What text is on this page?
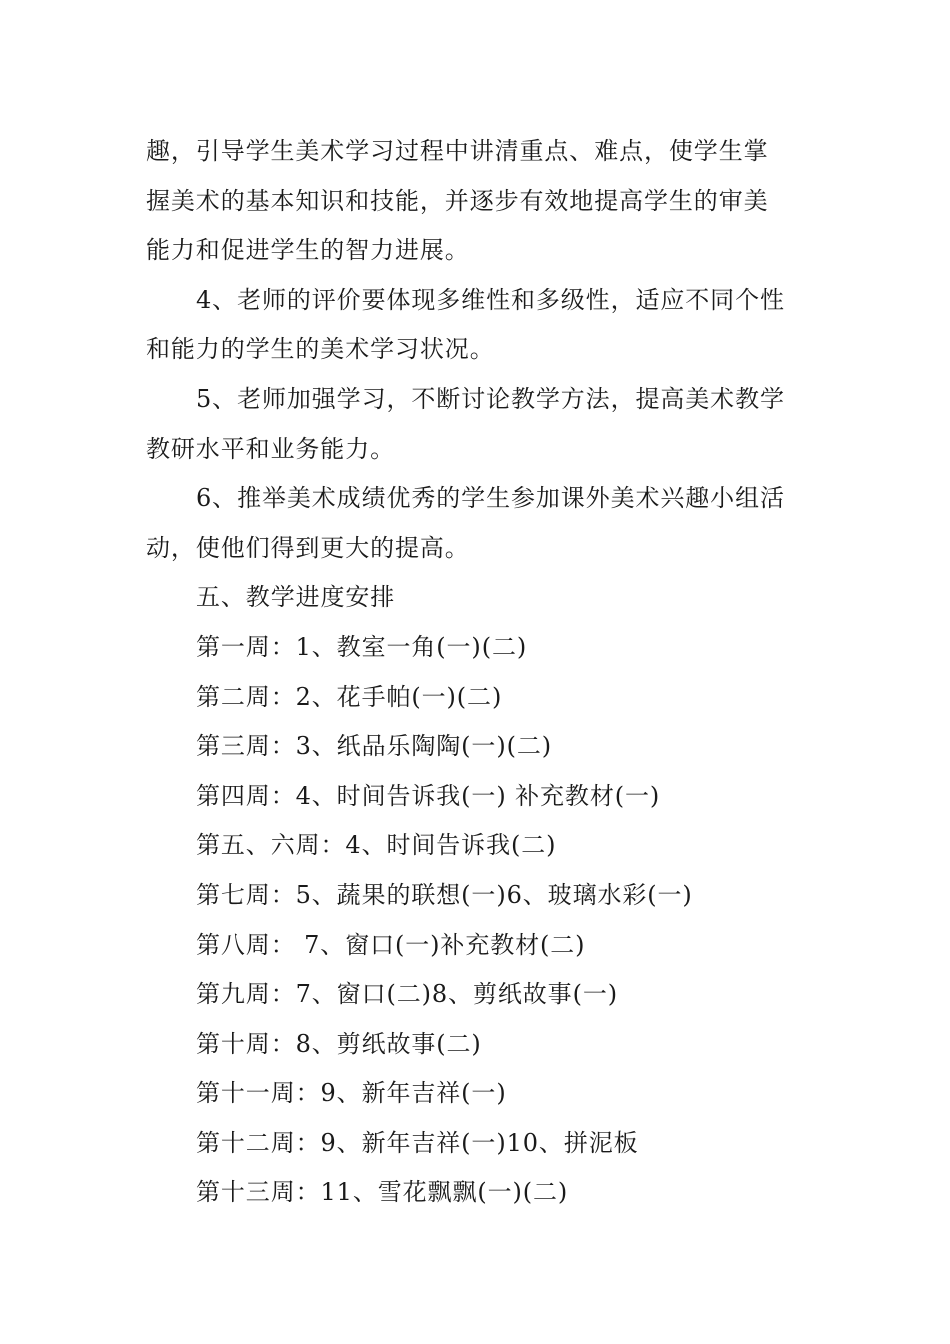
趣，引导学生美术学习过程中讲清重点、难点，使学生掌
握美术的基本知识和技能，并逐步有效地提高学生的审美
能力和促进学生的智力进展。
4、老师的评价要体现多维性和多级性，适应不同个性
和能力的学生的美术学习状况。
5、老师加强学习，不断讨论教学方法，提高美术教学
教研水平和业务能力。
6、推举美术成绩优秀的学生参加课外美术兴趣小组活
动，使他们得到更大的提高。
五、教学进度安排
第一周：1、教室一角(一)(二)
第二周：2、花手帕(一)(二)
第三周：3、纸品乐陶陶(一)(二)
第四周：4、时间告诉我(一) 补充教材(一)
第五、六周：4、时间告诉我(二)
第七周：5、蔬果的联想(一)6、玻璃水彩(一)
第八周： 7、窗口(一)补充教材(二)
第九周：7、窗口(二)8、剪纸故事(一)
第十周：8、剪纸故事(二)
第十一周：9、新年吉祥(一)
第十二周：9、新年吉祥(一)10、拼泥板
第十三周：11、雪花飘飘(一)(二)
